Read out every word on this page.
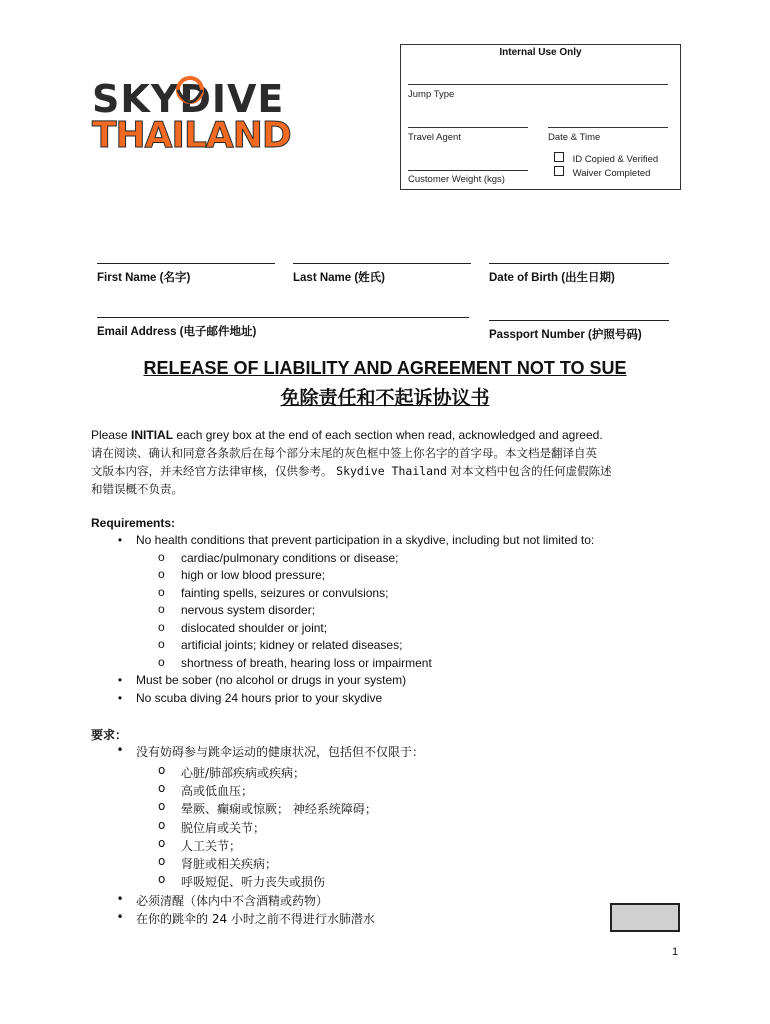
SKYDIVE
THAILAND
Internal Use Only
Jump Type
Travel Agent	Date & Time
Customer Weight (kgs)
ID Copied & Verified
Waiver Completed
First Name (名字)	Last Name (姓氏)	Date of Birth (出生日期)
Email Address (电子邮件地址)	Passport Number (护照号码)
RELEASE OF LIABILITY AND AGREEMENT NOT TO SUE
免除责任和不起诉协议书
Please INITIAL each grey box at the end of each section when read, acknowledged and agreed.
请在阅读、确认和同意各条款后在每个部分末尾的灰色框中签上你名字的首字母。本文档是翻译自英
文版本内容，并未经官方法律审核，仅供参考。 Skydive Thailand 对本文档中包含的任何虚假陈述
和错误概不负责。
Requirements:
•	No health conditions that prevent participation in a skydive, including but not limited to:
o cardiac/pulmonary conditions or disease;
o high or low blood pressure;
o fainting spells, seizures or convulsions;
o nervous system disorder;
o dislocated shoulder or joint;
o artificial joints; kidney or related diseases;
o shortness of breath, hearing loss or impairment
•	Must be sober (no alcohol or drugs in your system)
•	No scuba diving 24 hours prior to your skydive
要求：
• 没有妨碍参与跳伞运动的健康状况，包括但不仅限于：
o 心脏/肺部疾病或疾病；
o 高或低血压；
o 晕厥、癫痫或惊厥； 神经系统障碍；
o 脱位肩或关节；
o 人工关节；
o 肾脏或相关疾病；
o 呼吸短促、听力丧失或损伤
• 必须清醒（体内中不含酒精或药物）
• 在你的跳伞的 24 小时之前不得进行水肺潜水
1
